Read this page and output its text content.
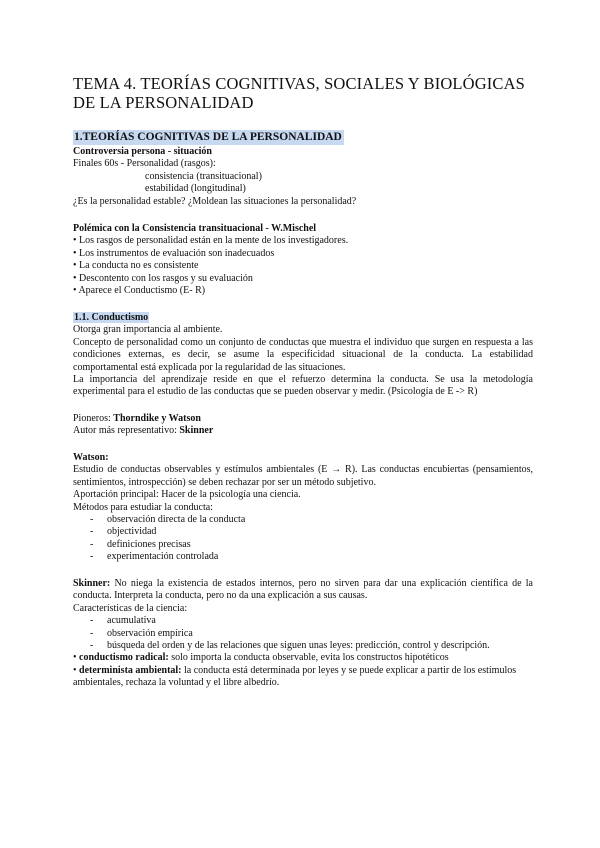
TEMA 4. TEORÍAS COGNITIVAS, SOCIALES Y BIOLÓGICAS DE LA PERSONALIDAD
1.TEORÍAS COGNITIVAS DE LA PERSONALIDAD

Controversia persona - situación

Finales 60s - Personalidad (rasgos):

consistencia (transituacional)

estabilidad (longitudinal)

¿Es la personalidad estable? ¿Moldean las situaciones la personalidad?

Polémica con la Consistencia transituacional - W.Mischel

• Los rasgos de personalidad están en la mente de los investigadores.

• Los instrumentos de evaluación son inadecuados

• La conducta no es consistente

• Descontento con los rasgos y su evaluación

• Aparece el Conductismo (E- R)

1.1. Conductismo

Otorga gran importancia al ambiente.

Concepto de personalidad como un conjunto de conductas que muestra el individuo que surgen en respuesta a las condiciones externas, es decir, se asume la especificidad situacional de la conducta. La estabilidad comportamental está explicada por la regularidad de las situaciones.

La importancia del aprendizaje reside en que el refuerzo determina la conducta. Se usa la metodología experimental para el estudio de las conductas que se pueden observar y medir. (Psicología de E -> R)

Pioneros: Thorndike y Watson

Autor más representativo: Skinner

Watson:

Estudio de conductas observables y estímulos ambientales (E → R). Las conductas encubiertas (pensamientos, sentimientos, introspección) se deben rechazar por ser un método subjetivo.

Aportación principal: Hacer de la psicología una ciencia.

Métodos para estudiar la conducta:

- observación directa de la conducta
- objectividad
- definiciones precisas
- experimentación controlada

Skinner: No niega la existencia de estados internos, pero no sirven para dar una explicación científica de la conducta. Interpreta la conducta, pero no da una explicación a sus causas.

Características de la ciencia:

- acumulativa
- observación empírica
- búsqueda del orden y de las relaciones que siguen unas leyes: predicción, control y descripción.

• conductismo radical: solo importa la conducta observable, evita los constructos hipotéticos

• determinista ambiental: la conducta está determinada por leyes y se puede explicar a partir de los estímulos ambientales, rechaza la voluntad y el libre albedrío.
